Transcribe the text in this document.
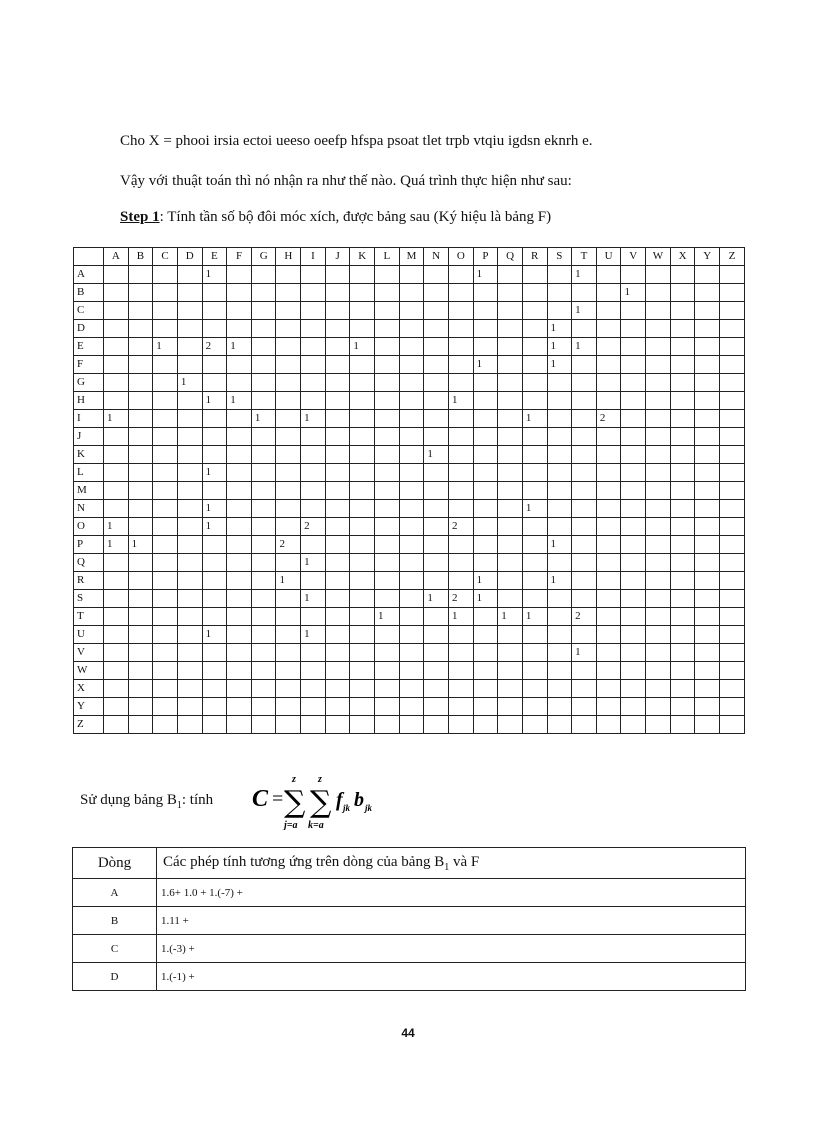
Cho X = phooi irsia ectoi ueeso oeefp hfspa psoat tlet trpb vtqiu igdsn eknrh e.
Vậy với thuật toán thì nó nhận ra như thế nào. Quá trình thực hiện như sau:
Step 1: Tính tần số bộ đôi móc xích, được bảng sau (Ký hiệu là bảng F)
	A	B	C	D	E	F	G	H	I	J	K	L	M	N	O	P	Q	R	S	T	U	V	W	X	Y	Z
A					1											1				1						
B																						1				
C																				1						
D																			1							
E			1		2	1					1								1	1						
F																1			1							
G				1																						
H					1	1									1											
I	1						1		1									1			2					
J																										
K														1												
L					1																					
M																										
N					1													1								
O	1				1				2						2											
P	1	1						2											1							
Q									1																	
R								1								1			1							
S									1					1	2	1										
T												1			1		1	1		2						
U					1				1																	
V																				1						
W																										
X																										
Y																										
Z																										
Sử dụng bảng $B_1$: tính C =
z
∑
j=a
z
∑
k=a
f jk b jk
Dòng	Các phép tính tương ứng trên dòng của bảng $B_1$ và F
A	1.6+ 1.0 + 1.(-7) +
B	1.11 +
C	1.(-3) +
D	1.(-1) +
44
